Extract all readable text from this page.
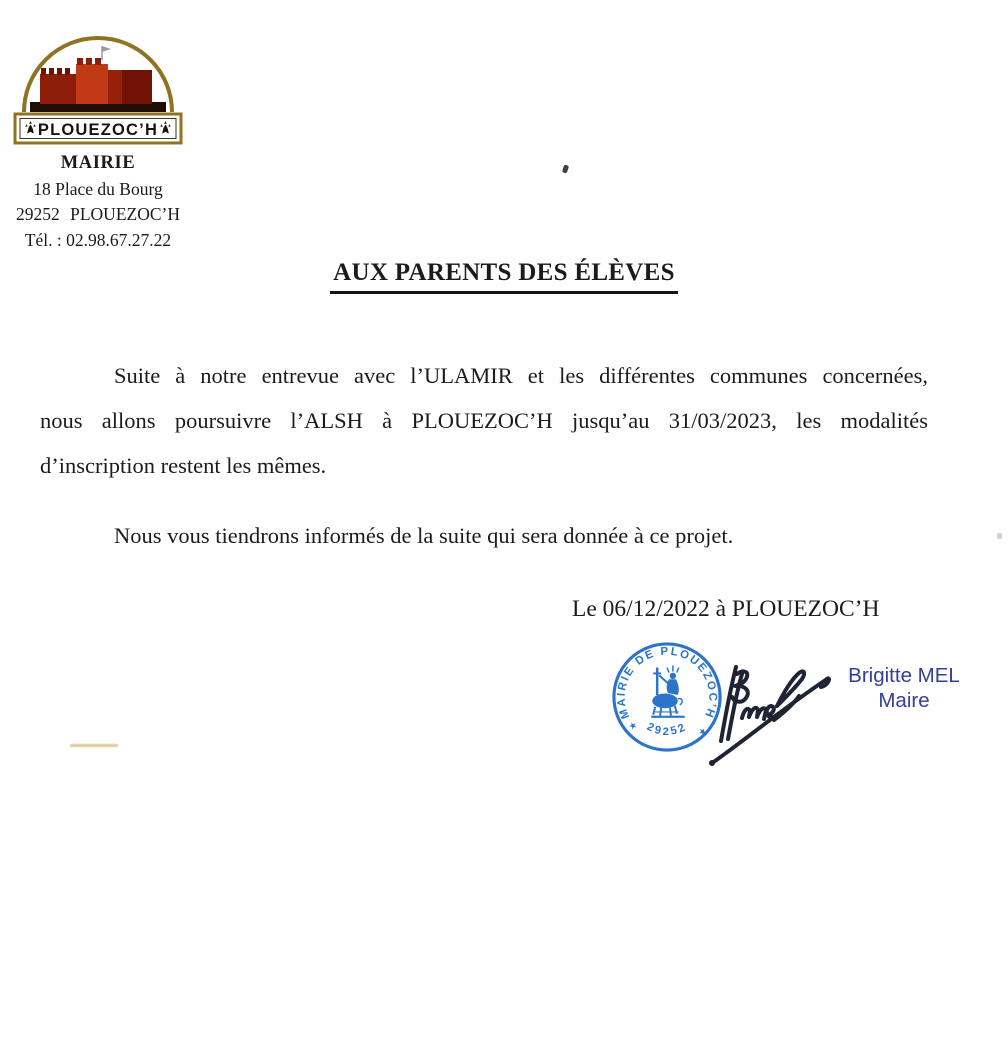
PLOUEZOC’H
MAIRIE
18 Place du Bourg
29252 PLOUEZOC’H
Tél. : 02.98.67.27.22
AUX PARENTS DES ÉLÈVES
Suite à notre entrevue avec l’ULAMIR et les différentes communes concernées,
nous allons poursuivre l’ALSH à PLOUEZOC’H jusqu’au 31/03/2023, les modalités
d’inscription restent les mêmes.
Nous vous tiendrons informés de la suite qui sera donnée à ce projet.
Le 06/12/2022 à PLOUEZOC’H
MAIRIE DE PLOUEZOC’H
29252
★	★
Brigitte MEL
Maire
